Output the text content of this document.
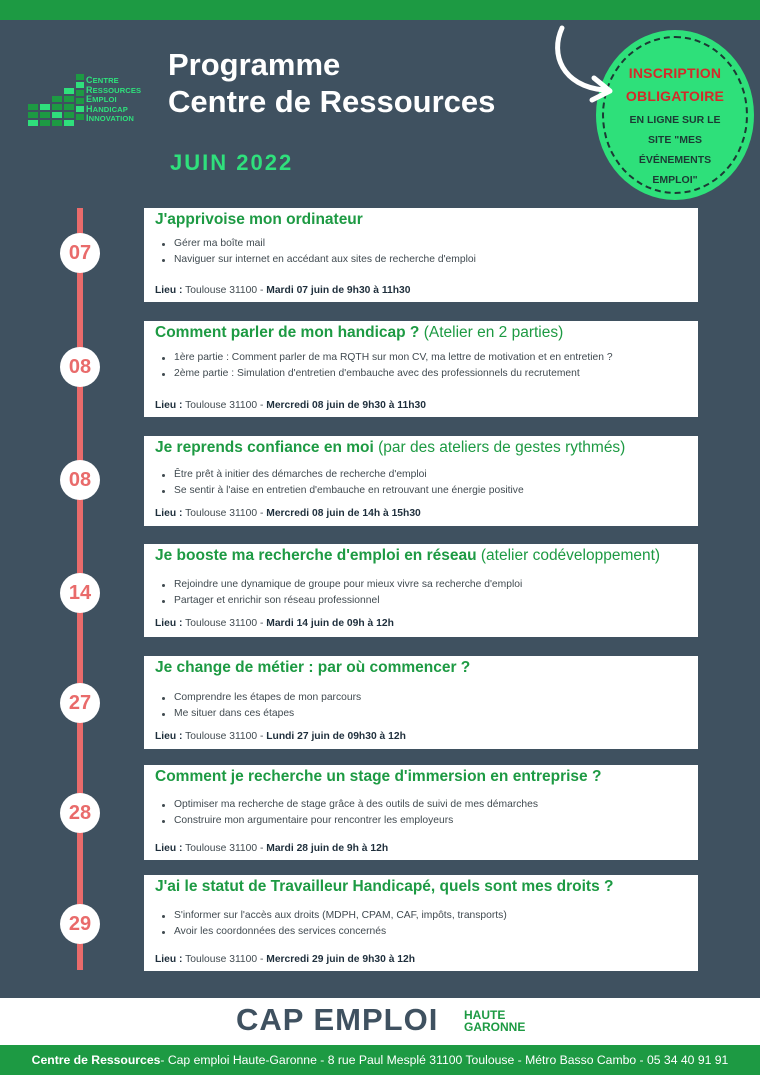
CENTRE
RESSOURCES
EMPLOI
HANDICAP
INNOVATION
Programme
Centre de Ressources
JUIN 2022
INSCRIPTION
OBLIGATOIRE
EN LIGNE SUR LE
SITE "MES
ÉVÉNEMENTS
EMPLOI"
07
J'apprivoise mon ordinateur
Gérer ma boîte mail
Naviguer sur internet en accédant aux sites de recherche d'emploi
Lieu : Toulouse 31100 - Mardi 07 juin de 9h30 à 11h30
08
Comment parler de mon handicap ? (Atelier en 2 parties)
1ère partie : Comment parler de ma RQTH sur mon CV, ma lettre de motivation et en entretien ?
2ème partie : Simulation d'entretien d'embauche avec des professionnels du recrutement
Lieu : Toulouse 31100 - Mercredi 08 juin de 9h30 à 11h30
08
Je reprends confiance en moi (par des ateliers de gestes rythmés)
Être prêt à initier des démarches de recherche d'emploi
Se sentir à l'aise en entretien d'embauche en retrouvant une énergie positive
Lieu : Toulouse 31100 - Mercredi 08 juin de 14h à 15h30
14
Je booste ma recherche d'emploi en réseau (atelier codéveloppement)
Rejoindre une dynamique de groupe pour mieux vivre sa recherche d'emploi
Partager et enrichir son réseau professionnel
Lieu : Toulouse 31100 - Mardi 14 juin de 09h à 12h
27
Je change de métier : par où commencer ?
Comprendre les étapes de mon parcours
Me situer dans ces étapes
Lieu : Toulouse 31100 - Lundi 27 juin de 09h30 à 12h
28
Comment je recherche un stage d'immersion en entreprise ?
Optimiser ma recherche de stage grâce à des outils de suivi de mes démarches
Construire mon argumentaire pour rencontrer les employeurs
Lieu : Toulouse 31100 - Mardi 28 juin de 9h à 12h
29
J'ai le statut de Travailleur Handicapé, quels sont mes droits ?
S'informer sur l'accès aux droits (MDPH, CPAM, CAF, impôts, transports)
Avoir les coordonnées des services concernés
Lieu : Toulouse 31100 - Mercredi 29 juin de 9h30 à 12h
CAP EMPLOI HAUTE
GARONNE
Centre de Ressources - Cap emploi Haute-Garonne - 8 rue Paul Mesplé 31100 Toulouse - Métro Basso Cambo - 05 34 40 91 91
